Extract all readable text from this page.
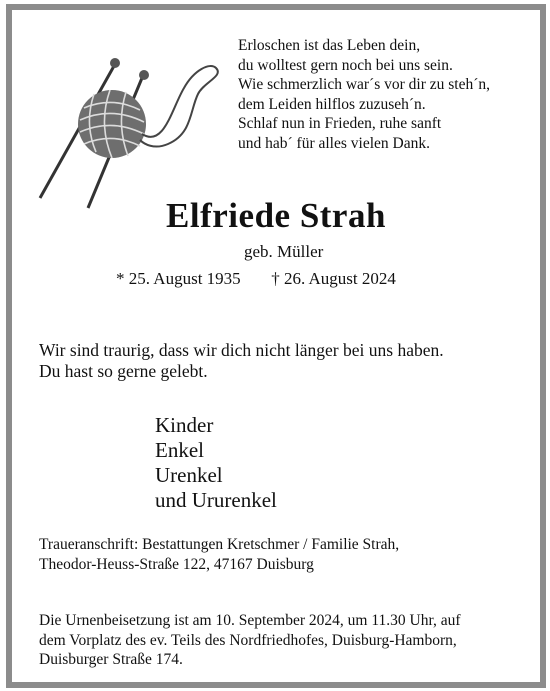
Erloschen ist das Leben dein,
du wolltest gern noch bei uns sein.
Wie schmerzlich war´s vor dir zu steh´n,
dem Leiden hilflos zuzuseh´n.
Schlaf nun in Frieden, ruhe sanft
und hab´ für alles vielen Dank.
Elfriede Strah
geb. Müller
* 25. August 1935 † 26. August 2024
Wir sind traurig, dass wir dich nicht länger bei uns haben.
Du hast so gerne gelebt.
Kinder
Enkel
Urenkel
und Ururenkel
Traueranschrift: Bestattungen Kretschmer / Familie Strah,
Theodor-Heuss-Straße 122, 47167 Duisburg
Die Urnenbeisetzung ist am 10. September 2024, um 11.30 Uhr, auf
dem Vorplatz des ev. Teils des Nordfriedhofes, Duisburg-Hamborn,
Duisburger Straße 174.
